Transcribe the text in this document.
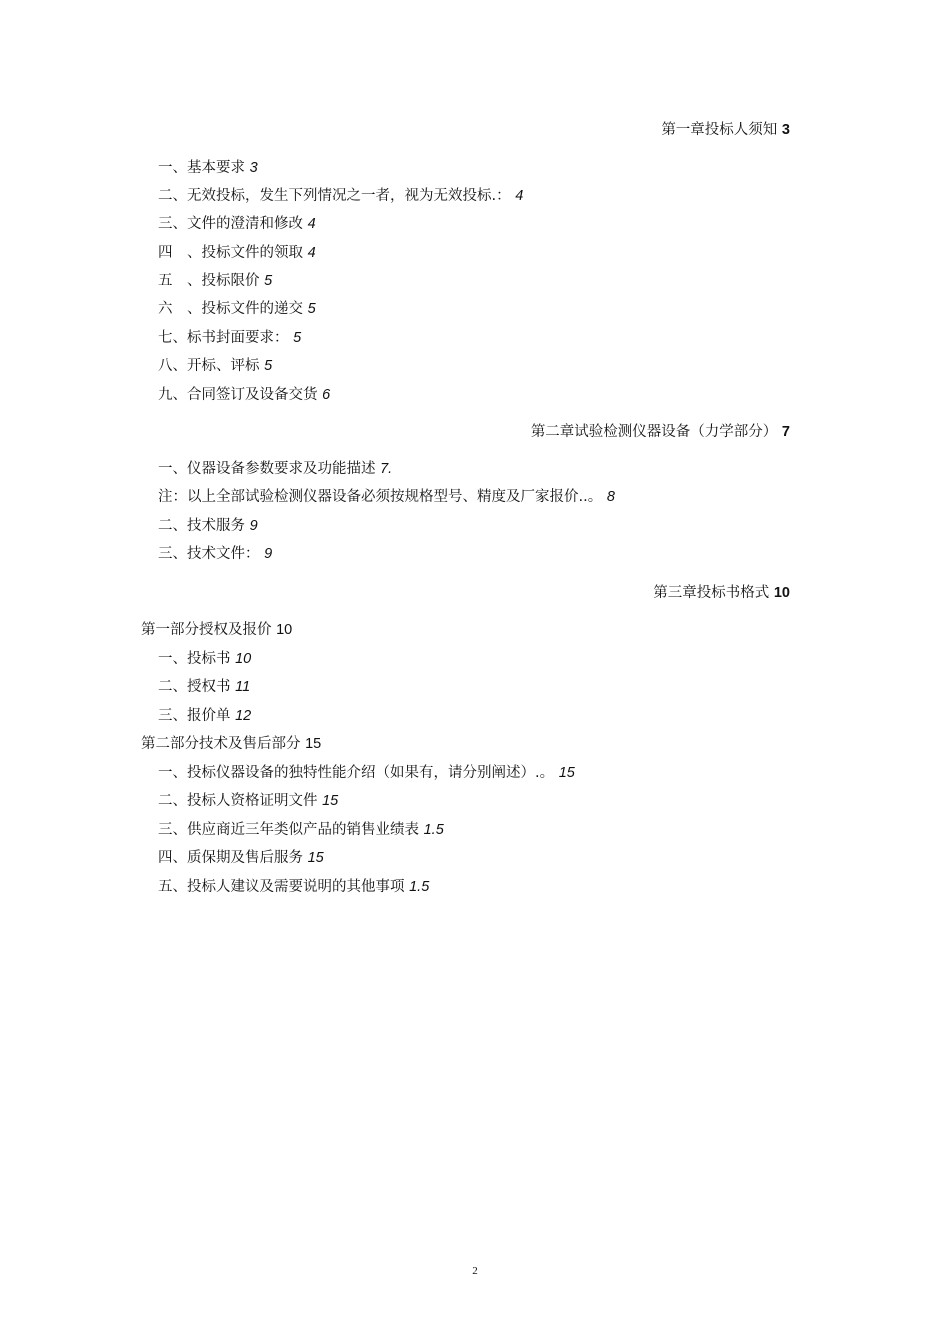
第一章投标人须知 3
一、基本要求 3
二、无效投标，发生下列情况之一者，视为无效投标.： 4
三、文件的澄清和修改 4
四　、投标文件的领取 4
五　、投标限价 5
六　、投标文件的递交 5
七、标书封面要求： 5
八、开标、评标 5
九、合同签订及设备交货 6
第二章试验检测仪器设备（力学部分） 7
一、仪器设备参数要求及功能描述 7.
注：以上全部试验检测仪器设备必须按规格型号、精度及厂家报价..。 8
二、技术服务 9
三、技术文件： 9
第三章投标书格式 10
第一部分授权及报价 10
一、投标书 10
二、授权书 11
三、报价单 12
第二部分技术及售后部分 15
一、投标仪器设备的独特性能介绍（如果有，请分别阐述）.。 15
二、投标人资格证明文件 15
三、供应商近三年类似产品的销售业绩表 1.5
四、质保期及售后服务 15
五、投标人建议及需要说明的其他事项 1.5
2
